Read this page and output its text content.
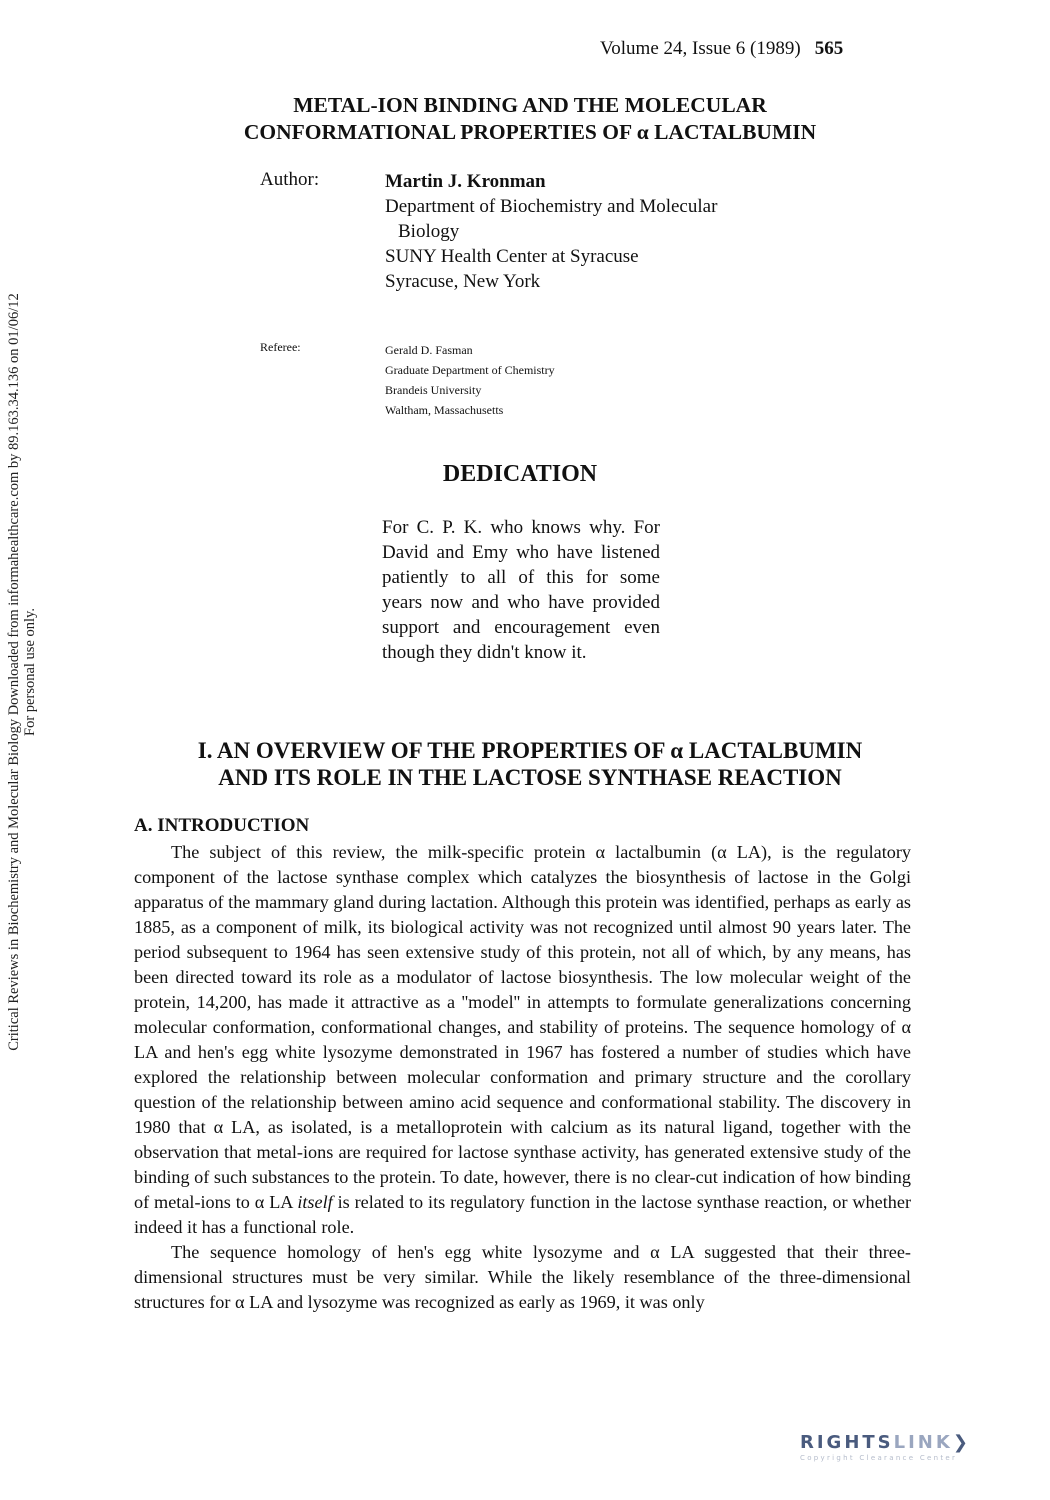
Volume 24, Issue 6 (1989) 565
METAL-ION BINDING AND THE MOLECULAR
CONFORMATIONAL PROPERTIES OF α LACTALBUMIN
Author:	Martin J. Kronman
Department of Biochemistry and Molecular
Biology
SUNY Health Center at Syracuse
Syracuse, New York
Referee:	Gerald D. Fasman
Graduate Department of Chemistry
Brandeis University
Waltham, Massachusetts
DEDICATION
For C. P. K. who knows why. For David and Emy who have listened patiently to all of this for some years now and who have provided support and encouragement even though they didn't know it.
I. AN OVERVIEW OF THE PROPERTIES OF α LACTALBUMIN
AND ITS ROLE IN THE LACTOSE SYNTHASE REACTION
A. INTRODUCTION

The subject of this review, the milk-specific protein α lactalbumin (α LA), is the regulatory component of the lactose synthase complex which catalyzes the biosynthesis of lactose in the Golgi apparatus of the mammary gland during lactation. Although this protein was identified, perhaps as early as 1885, as a component of milk, its biological activity was not recognized until almost 90 years later. The period subsequent to 1964 has seen extensive study of this protein, not all of which, by any means, has been directed toward its role as a modulator of lactose biosynthesis. The low molecular weight of the protein, 14,200, has made it attractive as a ''model'' in attempts to formulate generalizations concerning molecular conformation, conformational changes, and stability of proteins. The sequence homology of α LA and hen's egg white lysozyme demonstrated in 1967 has fostered a number of studies which have explored the relationship between molecular conformation and primary structure and the corollary question of the relationship between amino acid sequence and conformational stability. The discovery in 1980 that α LA, as isolated, is a metalloprotein with calcium as its natural ligand, together with the observation that metal-ions are required for lactose synthase activity, has generated extensive study of the binding of such substances to the protein. To date, however, there is no clear-cut indication of how binding of metal-ions to α LA itself is related to its regulatory function in the lactose synthase reaction, or whether indeed it has a functional role.

The sequence homology of hen's egg white lysozyme and α LA suggested that their three-dimensional structures must be very similar. While the likely resemblance of the three-dimensional structures for α LA and lysozyme was recognized as early as 1969, it was only

Critical Reviews in Biochemistry and Molecular Biology Downloaded from informahealthcare.com by 89.163.34.136 on 01/06/12 For personal use only.
RIGHTSLINK❯
Copyright Clearance Center
